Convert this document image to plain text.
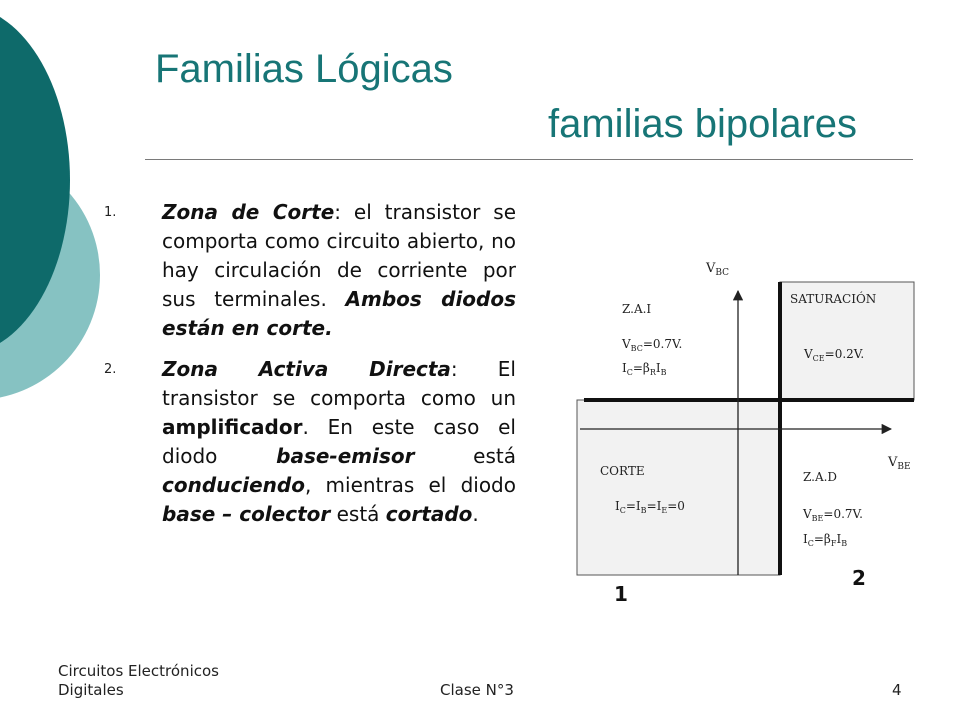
Familias Lógicas
familias bipolares
1. Zona de Corte: el transistor se comporta como circuito abierto, no hay circulación de corriente por sus terminales. Ambos diodos están en corte.
2. Zona Activa Directa: El transistor se comporta como un amplificador. En este caso el diodo base-emisor está conduciendo, mientras el diodo base – colector está cortado.
$V_{BC}$
$V_{BE}$
Z.A.I
$V_{BC}=0.7V$.
$I_C=\beta_RI_B$
SATURACIÓN
$V_{CE}=0.2V$.
CORTE
$I_C=I_B=I_E=0$
Z.A.D
$V_{BE}=0.7V$.
$I_C=\beta_FI_B$
1
2
Circuitos Electrónicos
Digitales	Clase N°3	4
